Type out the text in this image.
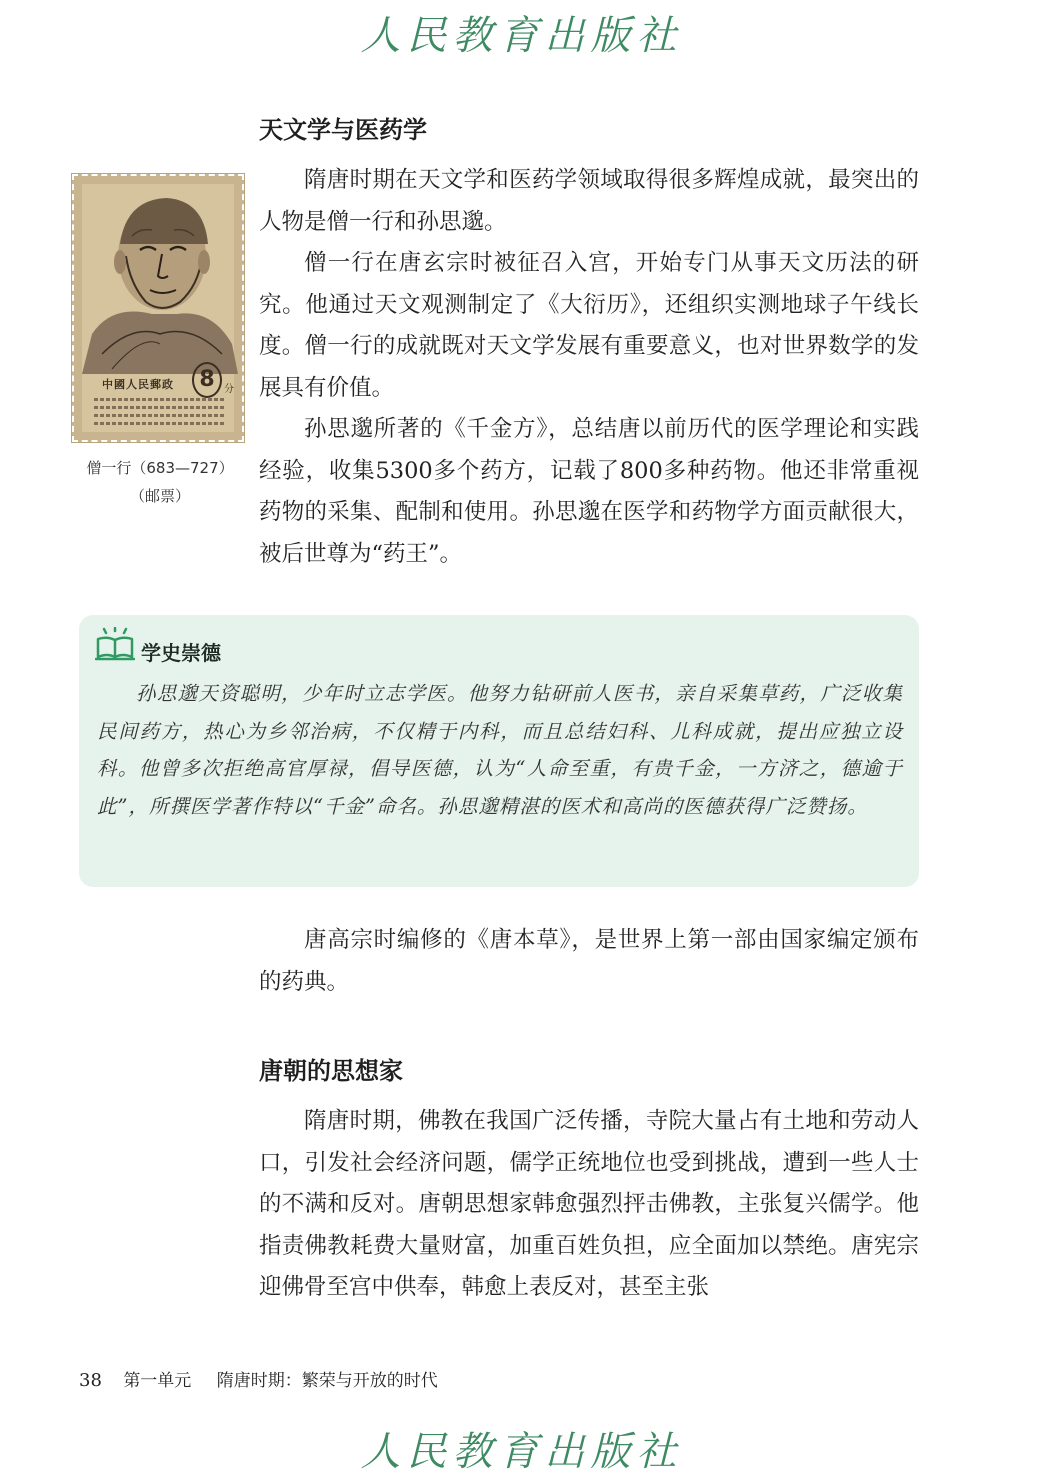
人民教育出版社
天文学与医药学

隋唐时期在天文学和医药学领域取得很多辉煌成就，最突出的人物是僧一行和孙思邈。

僧一行在唐玄宗时被征召入宫，开始专门从事天文历法的研究。他通过天文观测制定了《大衍历》，还组织实测地球子午线长度。僧一行的成就既对天文学发展有重要意义，也对世界数学的发展具有价值。

孙思邈所著的《千金方》，总结唐以前历代的医学理论和实践经验，收集5300多个药方，记载了800多种药物。他还非常重视药物的采集、配制和使用。孙思邈在医学和药物学方面贡献很大，被后世尊为“药王”。

中國人民郵政	8 分
僧一行（683—727）
（邮票）
学史崇德

孙思邈天资聪明，少年时立志学医。他努力钻研前人医书，亲自采集草药，广泛收集民间药方，热心为乡邻治病，不仅精于内科，而且总结妇科、儿科成就，提出应独立设科。他曾多次拒绝高官厚禄，倡导医德，认为“人命至重，有贵千金，一方济之，德逾于此”，所撰医学著作特以“千金”命名。孙思邈精湛的医术和高尚的医德获得广泛赞扬。

唐高宗时编修的《唐本草》，是世界上第一部由国家编定颁布的药典。

唐朝的思想家

隋唐时期，佛教在我国广泛传播，寺院大量占有土地和劳动人口，引发社会经济问题，儒学正统地位也受到挑战，遭到一些人士的不满和反对。唐朝思想家韩愈强烈抨击佛教，主张复兴儒学。他指责佛教耗费大量财富，加重百姓负担，应全面加以禁绝。唐宪宗迎佛骨至宫中供奉，韩愈上表反对，甚至主张

38 第一单元 隋唐时期：繁荣与开放的时代
人民教育出版社
